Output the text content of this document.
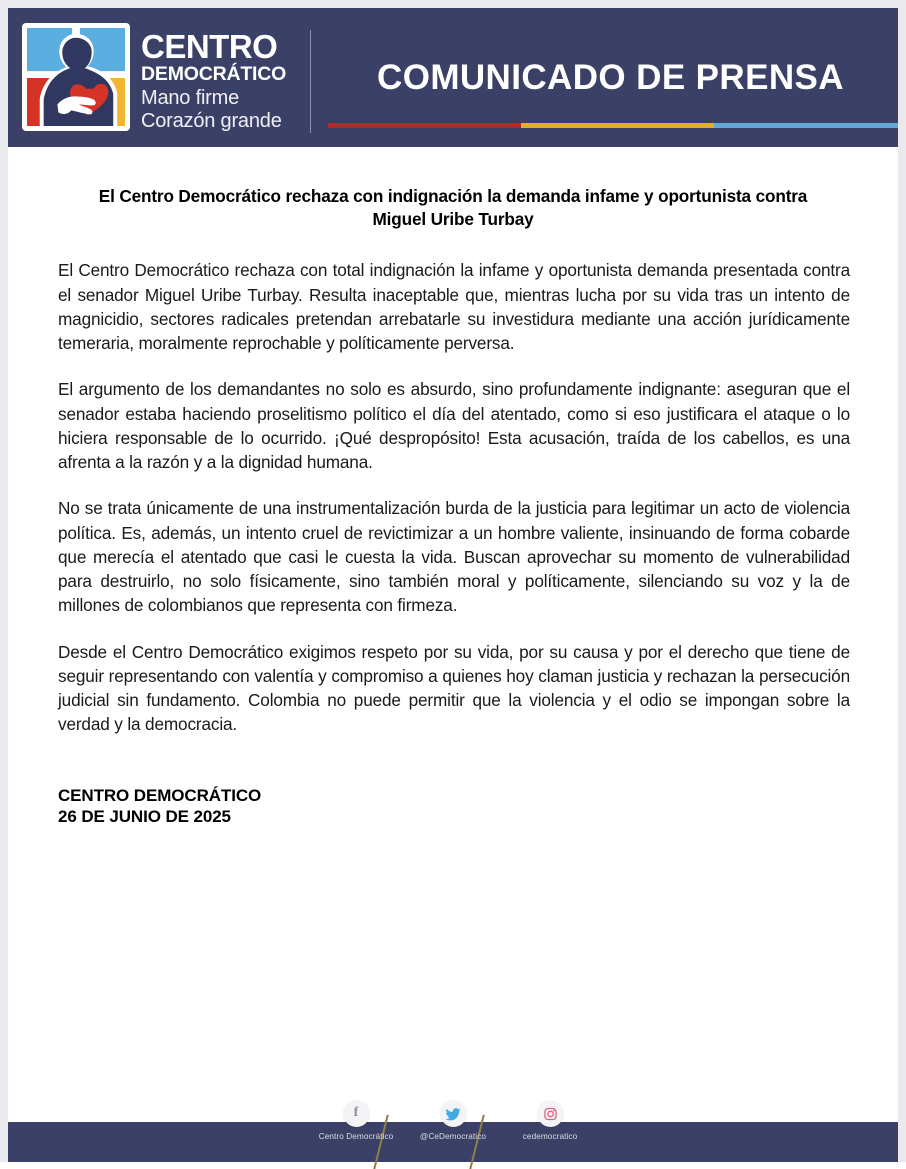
CENTRO
DEMOCRÁTICO
Mano firme
Corazón grande
COMUNICADO DE PRENSA
El Centro Democrático rechaza con indignación la demanda infame y oportunista contra Miguel Uribe Turbay

El Centro Democrático rechaza con total indignación la infame y oportunista demanda presentada contra el senador Miguel Uribe Turbay. Resulta inaceptable que, mientras lucha por su vida tras un intento de magnicidio, sectores radicales pretendan arrebatarle su investidura mediante una acción jurídicamente temeraria, moralmente reprochable y políticamente perversa.

El argumento de los demandantes no solo es absurdo, sino profundamente indignante: aseguran que el senador estaba haciendo proselitismo político el día del atentado, como si eso justificara el ataque o lo hiciera responsable de lo ocurrido. ¡Qué despropósito! Esta acusación, traída de los cabellos, es una afrenta a la razón y a la dignidad humana.

No se trata únicamente de una instrumentalización burda de la justicia para legitimar un acto de violencia política. Es, además, un intento cruel de revictimizar a un hombre valiente, insinuando de forma cobarde que merecía el atentado que casi le cuesta la vida. Buscan aprovechar su momento de vulnerabilidad para destruirlo, no solo físicamente, sino también moral y políticamente, silenciando su voz y la de millones de colombianos que representa con firmeza.

Desde el Centro Democrático exigimos respeto por su vida, por su causa y por el derecho que tiene de seguir representando con valentía y compromiso a quienes hoy claman justicia y rechazan la persecución judicial sin fundamento. Colombia no puede permitir que la violencia y el odio se impongan sobre la verdad y la democracia.

CENTRO DEMOCRÁTICO
26 DE JUNIO DE 2025
f
Centro Democrático	@CeDemocratico	cedemocratico
